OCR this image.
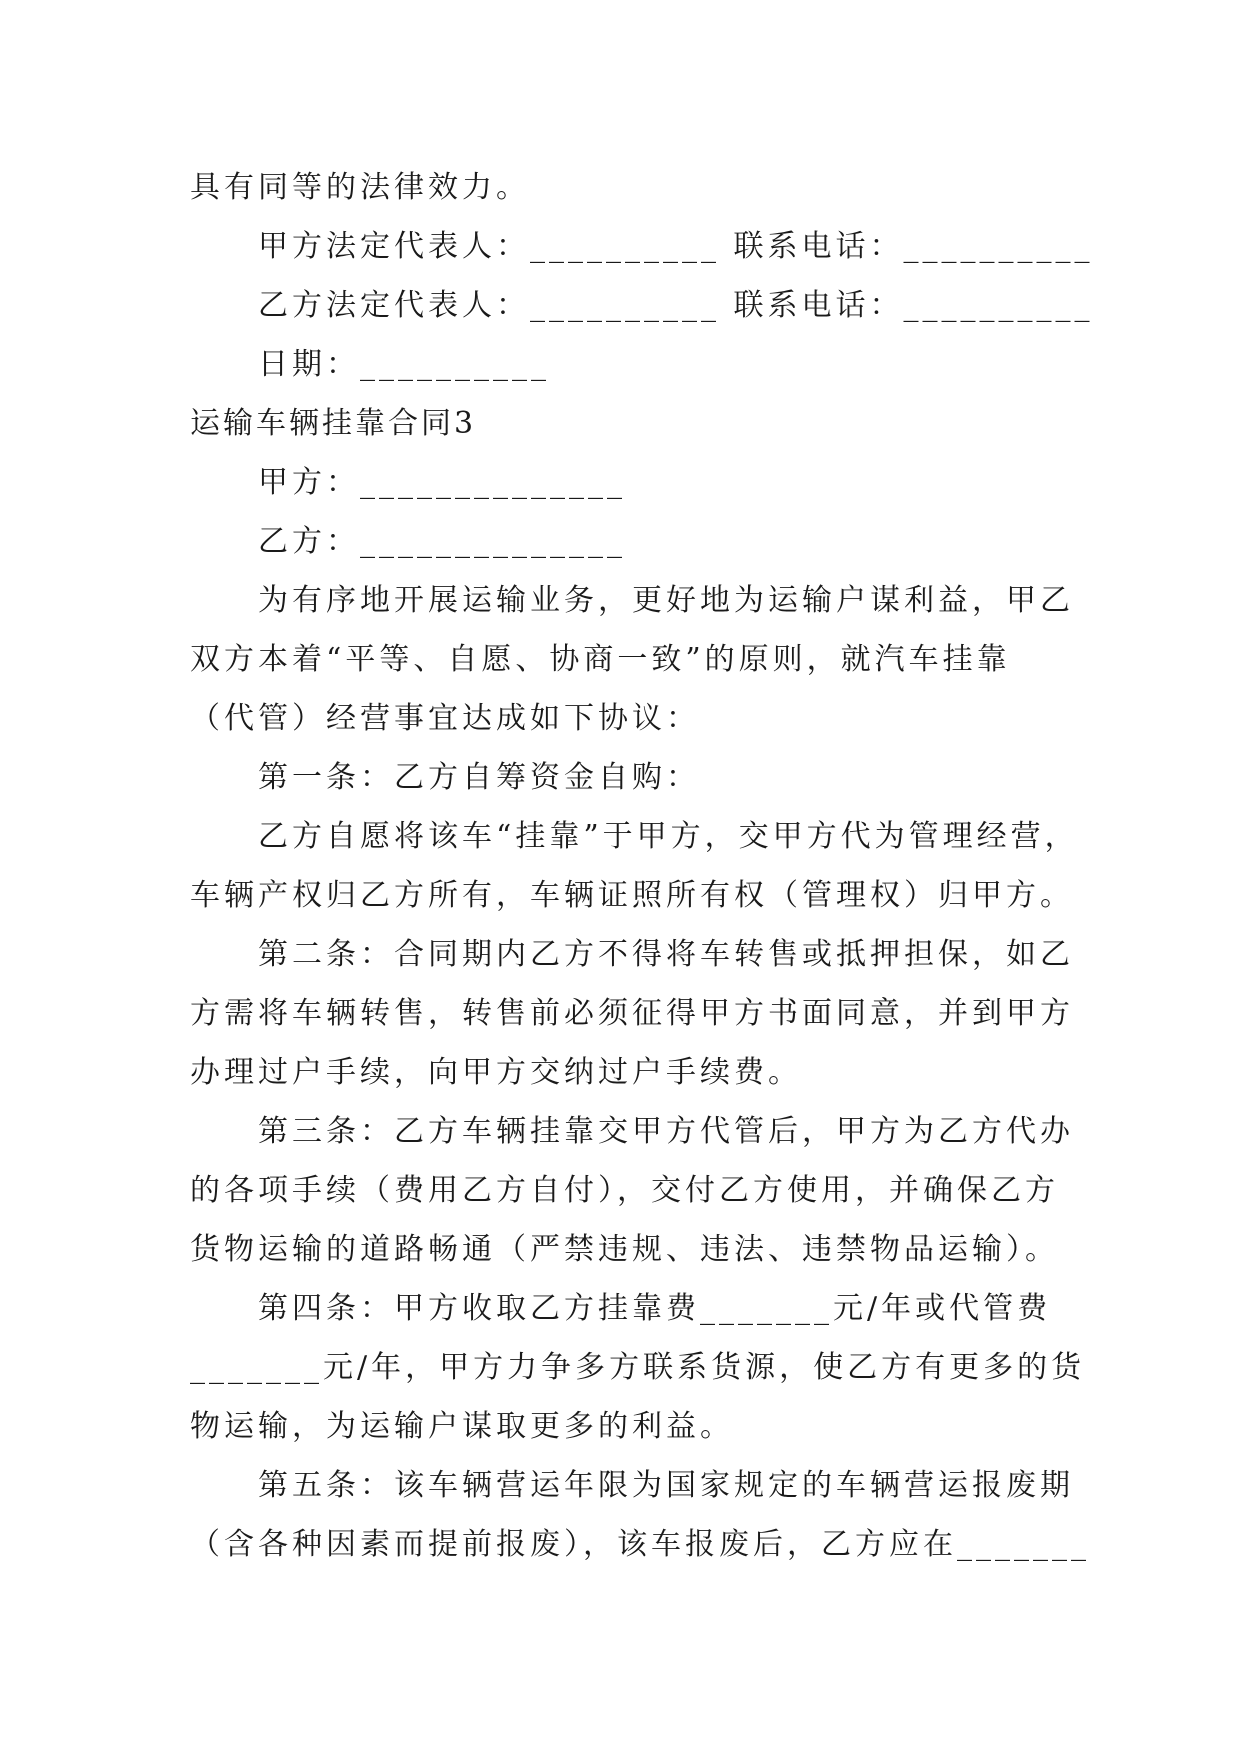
具有同等的法律效力。
甲方法定代表人：__________ 联系电话：__________
乙方法定代表人：__________ 联系电话：__________
日期：__________
运输车辆挂靠合同3
甲方：______________
乙方：______________
为有序地开展运输业务，更好地为运输户谋利益，甲乙
双方本着“平等、自愿、协商一致”的原则，就汽车挂靠
（代管）经营事宜达成如下协议：
第一条：乙方自筹资金自购：
乙方自愿将该车“挂靠”于甲方，交甲方代为管理经营，
车辆产权归乙方所有，车辆证照所有权（管理权）归甲方。
第二条：合同期内乙方不得将车转售或抵押担保，如乙
方需将车辆转售，转售前必须征得甲方书面同意，并到甲方
办理过户手续，向甲方交纳过户手续费。
第三条：乙方车辆挂靠交甲方代管后，甲方为乙方代办
的各项手续（费用乙方自付），交付乙方使用，并确保乙方
货物运输的道路畅通（严禁违规、违法、违禁物品运输）。
第四条：甲方收取乙方挂靠费_______元/年或代管费
_______元/年，甲方力争多方联系货源，使乙方有更多的货
物运输，为运输户谋取更多的利益。
第五条：该车辆营运年限为国家规定的车辆营运报废期
（含各种因素而提前报废），该车报废后，乙方应在_______
